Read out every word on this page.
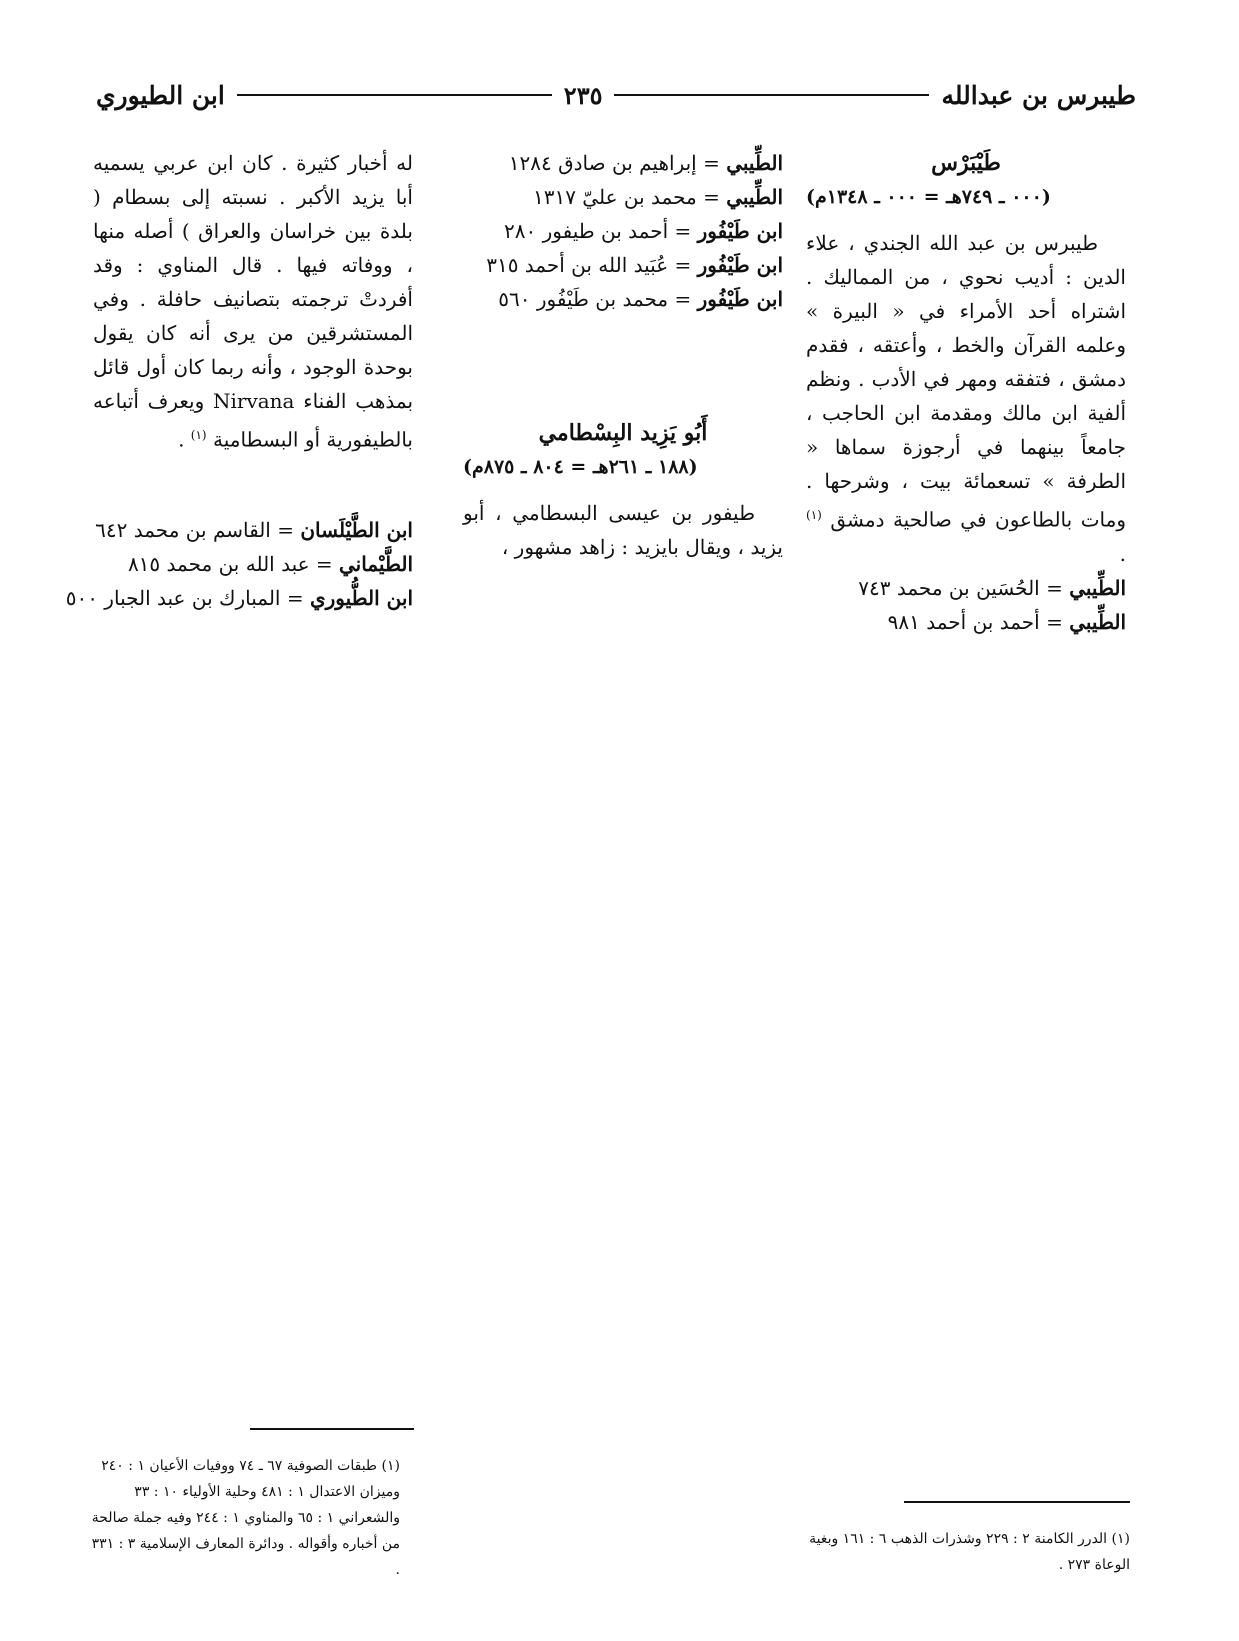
طيبرس بن عبدالله
٢٣٥
ابن الطيوري
طَيْبَرْس
(٠٠٠ ـ ٧٤٩هـ = ٠٠٠ ـ ١٣٤٨م)

طيبرس بن عبد الله الجندي ، علاء الدين : أديب نحوي ، من المماليك . اشتراه أحد الأمراء في « البيرة » وعلمه القرآن والخط ، وأعتقه ، فقدم دمشق ، فتفقه ومهر في الأدب . ونظم ألفية ابن مالك ومقدمة ابن الحاجب ، جامعاً بينهما في أرجوزة سماها « الطرفة » تسعمائة بيت ، وشرحها . ومات بالطاعون في صالحية دمشق $^{(١)}$ .

الطِّيبي = الحُسَين بن محمد ٧٤٣

الطِّيبي = أحمد بن أحمد ٩٨١

الطِّيبي = إبراهيم بن صادق ١٢٨٤

الطِّيبي = محمد بن عليّ ١٣١٧

ابن طَيْفُور = أحمد بن طيفور ٢٨٠

ابن طَيْفُور = عُبَيد الله بن أحمد ٣١٥

ابن طَيْفُور = محمد بن طَيْفُور ٥٦٠

أَبُو يَزِيد البِسْطامي
(١٨٨ ـ ٢٦١هـ = ٨٠٤ ـ ٨٧٥م)

طيفور بن عيسى البسطامي ، أبو يزيد ، ويقال بايزيد : زاهد مشهور ،

له أخبار كثيرة . كان ابن عربي يسميه أبا يزيد الأكبر . نسبته إلى بسطام ( بلدة بين خراسان والعراق ) أصله منها ، ووفاته فيها . قال المناوي : وقد أفردتْ ترجمته بتصانيف حافلة . وفي المستشرقين من يرى أنه كان يقول بوحدة الوجود ، وأنه ربما كان أول قائل بمذهب الفناء Nirvana ويعرف أتباعه بالطيفورية أو البسطامية $^{(١)}$ .

ابن الطَّيْلَسان = القاسم بن محمد ٦٤٢

الطَّيْماني = عبد الله بن محمد ٨١٥

ابن الطُّيوري = المبارك بن عبد الجبار ٥٠٠

(١) طبقات الصوفية ٦٧ ـ ٧٤ ووفيات الأعيان ١ : ٢٤٠ وميزان الاعتدال ١ : ٤٨١ وحلية الأولياء ١٠ : ٣٣ والشعراني ١ : ٦٥ والمناوي ١ : ٢٤٤ وفيه جملة صالحة من أخباره وأقواله . ودائرة المعارف الإسلامية ٣ : ٣٣١ .
(١) الدرر الكامنة ٢ : ٢٢٩ وشذرات الذهب ٦ : ١٦١ وبغية الوعاة ٢٧٣ .
